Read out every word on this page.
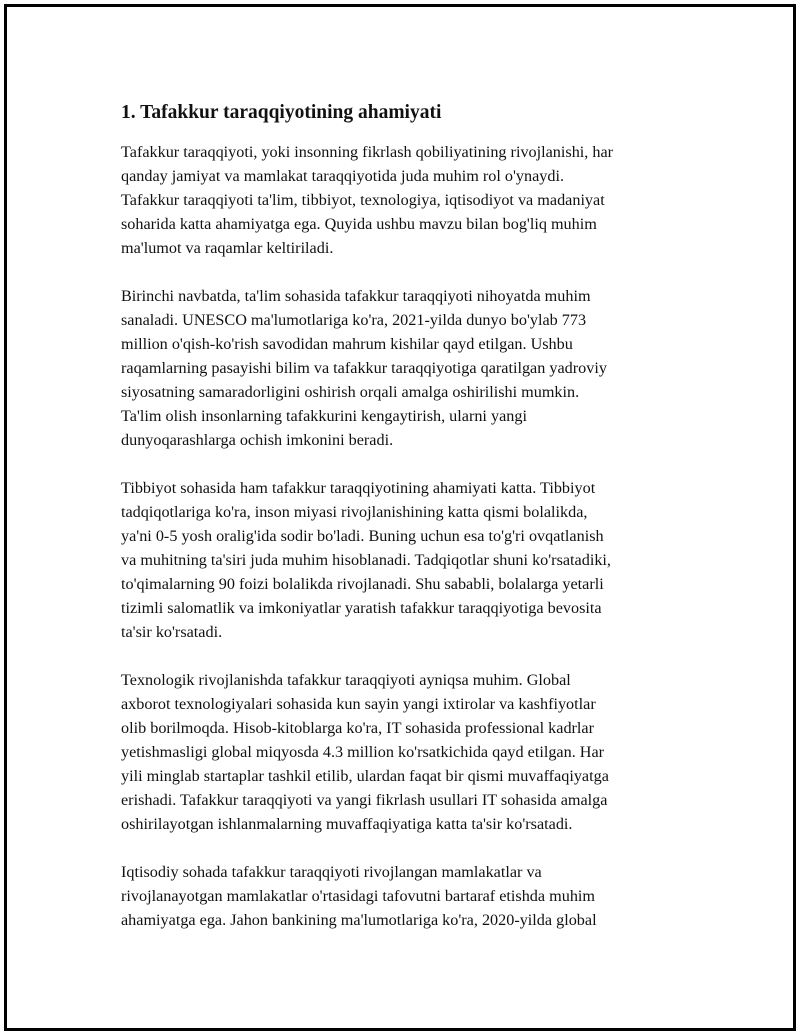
1. Tafakkur taraqqiyotining ahamiyati

Tafakkur taraqqiyoti, yoki insonning fikrlash qobiliyatining rivojlanishi, har
qanday jamiyat va mamlakat taraqqiyotida juda muhim rol o'ynaydi.
Tafakkur taraqqiyoti ta'lim, tibbiyot, texnologiya, iqtisodiyot va madaniyat
soharida katta ahamiyatga ega. Quyida ushbu mavzu bilan bog'liq muhim
ma'lumot va raqamlar keltiriladi.

Birinchi navbatda, ta'lim sohasida tafakkur taraqqiyoti nihoyatda muhim
sanaladi. UNESCO ma'lumotlariga ko'ra, 2021-yilda dunyo bo'ylab 773
million o'qish-ko'rish savodidan mahrum kishilar qayd etilgan. Ushbu
raqamlarning pasayishi bilim va tafakkur taraqqiyotiga qaratilgan yadroviy
siyosatning samaradorligini oshirish orqali amalga oshirilishi mumkin.
Ta'lim olish insonlarning tafakkurini kengaytirish, ularni yangi
dunyoqarashlarga ochish imkonini beradi.

Tibbiyot sohasida ham tafakkur taraqqiyotining ahamiyati katta. Tibbiyot
tadqiqotlariga ko'ra, inson miyasi rivojlanishining katta qismi bolalikda,
ya'ni 0-5 yosh oralig'ida sodir bo'ladi. Buning uchun esa to'g'ri ovqatlanish
va muhitning ta'siri juda muhim hisoblanadi. Tadqiqotlar shuni ko'rsatadiki,
to'qimalarning 90 foizi bolalikda rivojlanadi. Shu sababli, bolalarga yetarli
tizimli salomatlik va imkoniyatlar yaratish tafakkur taraqqiyotiga bevosita
ta'sir ko'rsatadi.

Texnologik rivojlanishda tafakkur taraqqiyoti ayniqsa muhim. Global
axborot texnologiyalari sohasida kun sayin yangi ixtirolar va kashfiyotlar
olib borilmoqda. Hisob-kitoblarga ko'ra, IT sohasida professional kadrlar
yetishmasligi global miqyosda 4.3 million ko'rsatkichida qayd etilgan. Har
yili minglab startaplar tashkil etilib, ulardan faqat bir qismi muvaffaqiyatga
erishadi. Tafakkur taraqqiyoti va yangi fikrlash usullari IT sohasida amalga
oshirilayotgan ishlanmalarning muvaffaqiyatiga katta ta'sir ko'rsatadi.

Iqtisodiy sohada tafakkur taraqqiyoti rivojlangan mamlakatlar va
rivojlanayotgan mamlakatlar o'rtasidagi tafovutni bartaraf etishda muhim
ahamiyatga ega. Jahon bankining ma'lumotlariga ko'ra, 2020-yilda global
